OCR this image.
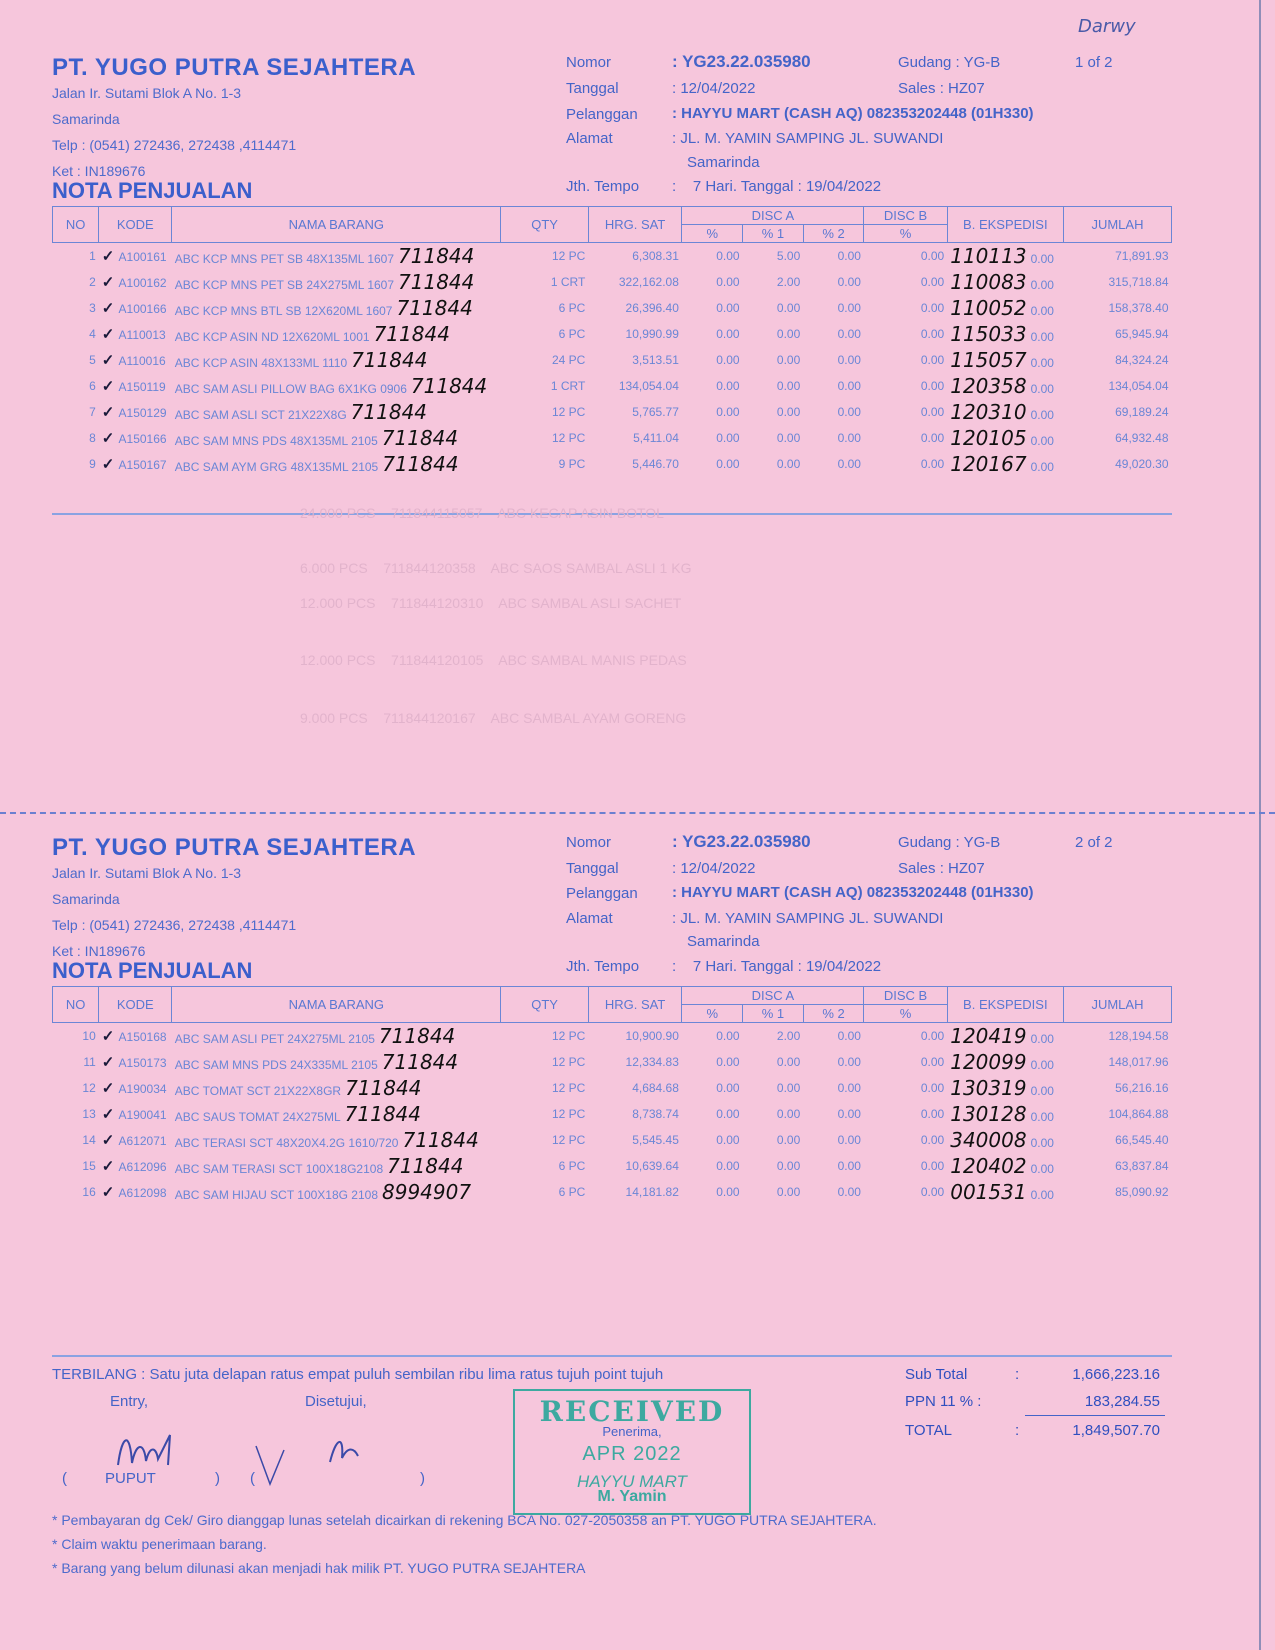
Darwy
PT. YUGO PUTRA SEJAHTERA
Jalan Ir. Sutami Blok A No. 1-3
Samarinda
Telp : (0541) 272436, 272438 ,4114471
Ket : IN189676
NOTA PENJUALAN
Nomor	: YG23.22.035980
Tanggal	: 12/04/2022
Pelanggan : HAYYU MART (CASH AQ) 082353202448 (01H330)
Alamat	: JL. M. YAMIN SAMPING JL. SUWANDI
Samarinda
Jth. Tempo :    7 Hari. Tanggal : 19/04/2022
Gudang : YG-B	1 of 2
Sales : HZ07
NO	KODE	NAMA BARANG	QTY	HRG. SAT	DISC A			DISC B	B. EKSPEDISI	JUMLAH
					%	% 1	% 2	%		
1	✓ A100161	ABC KCP MNS PET SB 48X135ML 1607 711844	12 PC	6,308.31	0.00	5.00	0.00	0.00	110113 0.00	71,891.93
2	✓ A100162	ABC KCP MNS PET SB 24X275ML 1607 711844	1 CRT	322,162.08	0.00	2.00	0.00	0.00	110083 0.00	315,718.84
3	✓ A100166	ABC KCP MNS BTL SB 12X620ML 1607 711844	6 PC	26,396.40	0.00	0.00	0.00	0.00	110052 0.00	158,378.40
4	✓ A110013	ABC KCP ASIN ND 12X620ML 1001 711844	6 PC	10,990.99	0.00	0.00	0.00	0.00	115033 0.00	65,945.94
5	✓ A110016	ABC KCP ASIN 48X133ML 1110 711844	24 PC	3,513.51	0.00	0.00	0.00	0.00	115057 0.00	84,324.24
6	✓ A150119	ABC SAM ASLI PILLOW BAG 6X1KG 0906 711844	1 CRT	134,054.04	0.00	0.00	0.00	0.00	120358 0.00	134,054.04
7	✓ A150129	ABC SAM ASLI SCT 21X22X8G 711844	12 PC	5,765.77	0.00	0.00	0.00	0.00	120310 0.00	69,189.24
8	✓ A150166	ABC SAM MNS PDS 48X135ML 2105 711844	12 PC	5,411.04	0.00	0.00	0.00	0.00	120105 0.00	64,932.48
9	✓ A150167	ABC SAM AYM GRG 48X135ML 2105 711844	9 PC	5,446.70	0.00	0.00	0.00	0.00	120167 0.00	49,020.30
24.000 PCS    711844115057    ABC KECAP ASIN BOTOL
6.000 PCS    711844120358    ABC SAOS SAMBAL ASLI 1 KG
12.000 PCS    711844120310    ABC SAMBAL ASLI SACHET
12.000 PCS    711844120105    ABC SAMBAL MANIS PEDAS
9.000 PCS    711844120167    ABC SAMBAL AYAM GORENG
PT. YUGO PUTRA SEJAHTERA
Jalan Ir. Sutami Blok A No. 1-3
Samarinda
Telp : (0541) 272436, 272438 ,4114471
Ket : IN189676
NOTA PENJUALAN
Nomor	: YG23.22.035980
Tanggal	: 12/04/2022
Pelanggan : HAYYU MART (CASH AQ) 082353202448 (01H330)
Alamat	: JL. M. YAMIN SAMPING JL. SUWANDI
Samarinda
Jth. Tempo :    7 Hari. Tanggal : 19/04/2022
Gudang : YG-B	2 of 2
Sales : HZ07
NO	KODE	NAMA BARANG	QTY	HRG. SAT	DISC A			DISC B	B. EKSPEDISI	JUMLAH
					%	% 1	% 2	%		
10	✓ A150168	ABC SAM ASLI PET 24X275ML 2105 711844	12 PC	10,900.90	0.00	2.00	0.00	0.00	120419 0.00	128,194.58
11	✓ A150173	ABC SAM MNS PDS 24X335ML 2105 711844	12 PC	12,334.83	0.00	0.00	0.00	0.00	120099 0.00	148,017.96
12	✓ A190034	ABC TOMAT SCT 21X22X8GR 711844	12 PC	4,684.68	0.00	0.00	0.00	0.00	130319 0.00	56,216.16
13	✓ A190041	ABC SAUS TOMAT 24X275ML 711844	12 PC	8,738.74	0.00	0.00	0.00	0.00	130128 0.00	104,864.88
14	✓ A612071	ABC TERASI SCT 48X20X4.2G 1610/720 711844	12 PC	5,545.45	0.00	0.00	0.00	0.00	340008 0.00	66,545.40
15	✓ A612096	ABC SAM TERASI SCT 100X18G2108 711844	6 PC	10,639.64	0.00	0.00	0.00	0.00	120402 0.00	63,837.84
16	✓ A612098	ABC SAM HIJAU SCT 100X18G 2108 8994907	6 PC	14,181.82	0.00	0.00	0.00	0.00	001531 0.00	85,090.92
TERBILANG : Satu juta delapan ratus empat puluh sembilan ribu lima ratus tujuh point tujuh	Sub Total	:	1,666,223.16
PPN 11 % :	183,284.55
TOTAL	:	1,849,507.70
Entry,	Disetujui,
(	PUPUT	) (	)
RECEIVED
Penerima,
APR 2022
HAYYU MART
M. Yamin
* Pembayaran dg Cek/ Giro dianggap lunas setelah dicairkan di rekening BCA No. 027-2050358 an PT. YUGO PUTRA SEJAHTERA.
* Claim waktu penerimaan barang.
* Barang yang belum dilunasi akan menjadi hak milik PT. YUGO PUTRA SEJAHTERA
